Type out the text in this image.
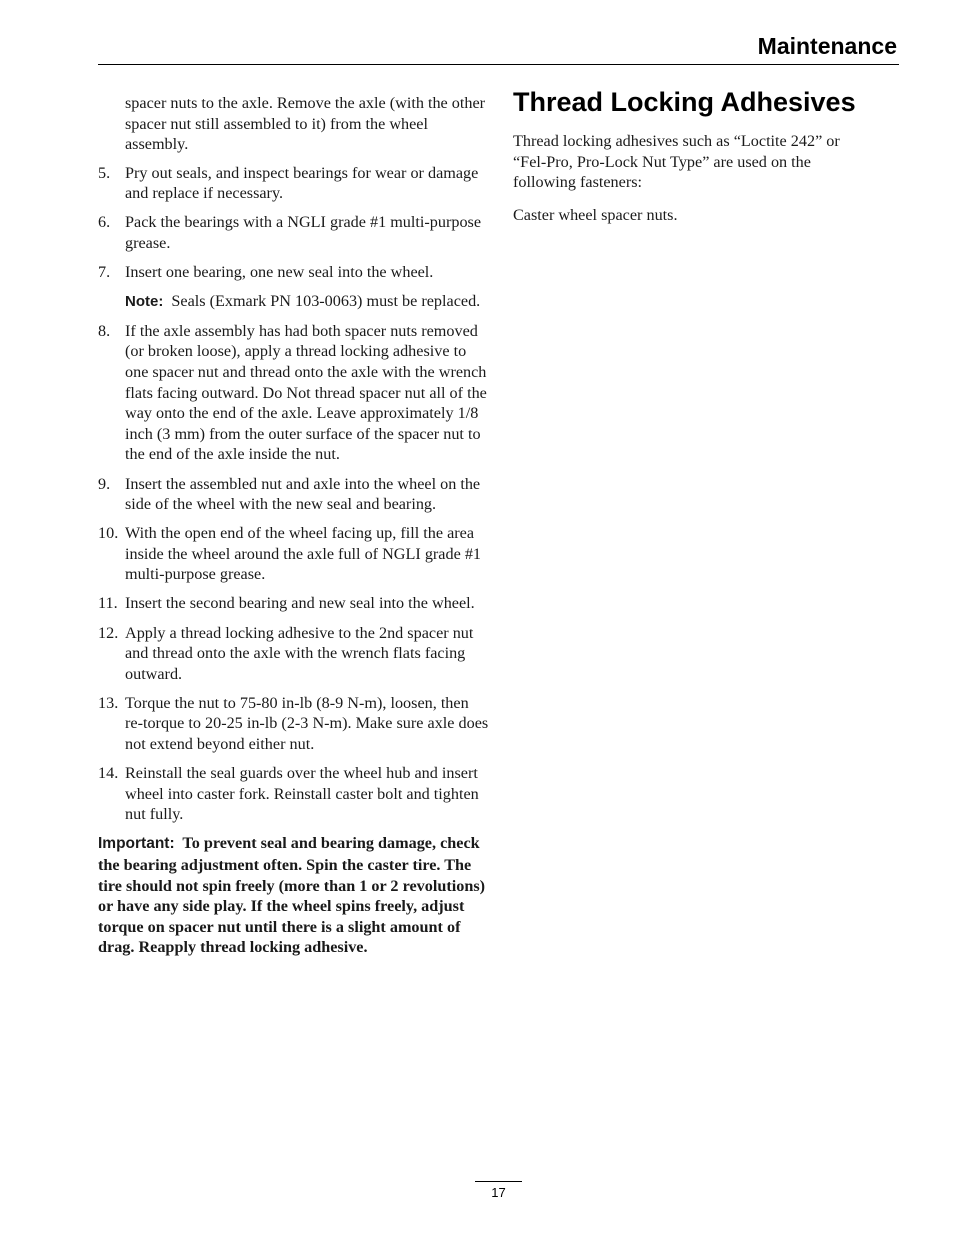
Maintenance

spacer nuts to the axle. Remove the axle (with the other spacer nut still assembled to it) from the wheel assembly.

5. Pry out seals, and inspect bearings for wear or damage and replace if necessary.
6. Pack the bearings with a NGLI grade #1 multi-purpose grease.
7. Insert one bearing, one new seal into the wheel.
Note: Seals (Exmark PN 103-0063) must be replaced.
8. If the axle assembly has had both spacer nuts removed (or broken loose), apply a thread locking adhesive to one spacer nut and thread onto the axle with the wrench flats facing outward. Do Not thread spacer nut all of the way onto the end of the axle. Leave approximately 1/8 inch (3 mm) from the outer surface of the spacer nut to the end of the axle inside the nut.
9. Insert the assembled nut and axle into the wheel on the side of the wheel with the new seal and bearing.
10. With the open end of the wheel facing up, fill the area inside the wheel around the axle full of NGLI grade #1 multi-purpose grease.
11. Insert the second bearing and new seal into the wheel.
12. Apply a thread locking adhesive to the 2nd spacer nut and thread onto the axle with the wrench flats facing outward.
13. Torque the nut to 75-80 in-lb (8-9 N-m), loosen, then re-torque to 20-25 in-lb (2-3 N-m). Make sure axle does not extend beyond either nut.
14. Reinstall the seal guards over the wheel hub and insert wheel into caster fork. Reinstall caster bolt and tighten nut fully.
Important: To prevent seal and bearing damage, check the bearing adjustment often. Spin the caster tire. The tire should not spin freely (more than 1 or 2 revolutions) or have any side play. If the wheel spins freely, adjust torque on spacer nut until there is a slight amount of drag. Reapply thread locking adhesive.
Thread Locking Adhesives

Thread locking adhesives such as “Loctite 242” or “Fel-Pro, Pro-Lock Nut Type” are used on the following fasteners:

Caster wheel spacer nuts.

17
